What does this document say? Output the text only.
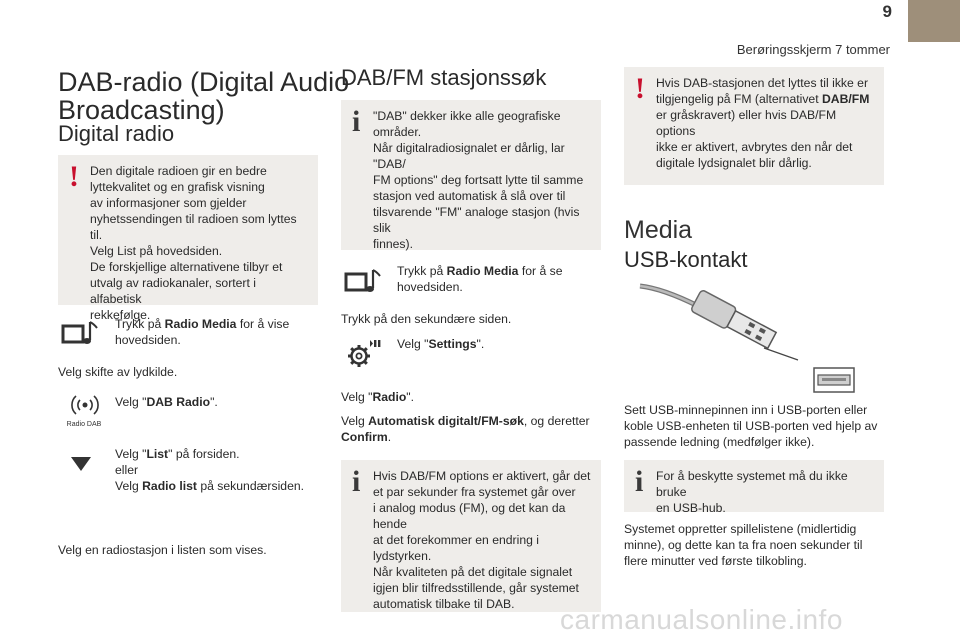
9
Berøringsskjerm 7 tommer
DAB-radio (Digital Audio
Broadcasting)
Digital radio
! Den digitale radioen gir en bedre
lyttekvalitet og en grafisk visning
av informasjoner som gjelder
nyhetssendingen til radioen som lyttes til.
Velg List på hovedsiden.
De forskjellige alternativene tilbyr et
utvalg av radiokanaler, sortert i alfabetisk
rekkefølge.
Trykk på Radio Media for å vise
hovedsiden.
Velg skifte av lydkilde.
Radio DAB
Velg "DAB Radio".
Velg "List" på forsiden.
eller
Velg Radio list på sekundærsiden.
Velg en radiostasjon i listen som vises.
DAB/FM stasjonssøk
i "DAB" dekker ikke alle geografiske
områder.
Når digitalradiosignalet er dårlig, lar "DAB/
FM options" deg fortsatt lytte til samme
stasjon ved automatisk å slå over til
tilsvarende "FM" analoge stasjon (hvis slik
finnes).
Trykk på Radio Media for å se
hovedsiden.
Trykk på den sekundære siden.
Velg "Settings".
Velg "Radio".
Velg Automatisk digitalt/FM-søk, og deretter
Confirm.
i Hvis DAB/FM options er aktivert, går det
et par sekunder fra systemet går over
i analog modus (FM), og det kan da hende
at det forekommer en endring i lydstyrken.
Når kvaliteten på det digitale signalet
igjen blir tilfredsstillende, går systemet
automatisk tilbake til DAB.
! Hvis DAB-stasjonen det lyttes til ikke er
tilgjengelig på FM (alternativet DAB/FM
er gråskravert) eller hvis DAB/FM options
ikke er aktivert, avbrytes den når det
digitale lydsignalet blir dårlig.
Media
USB-kontakt
Sett USB-minnepinnen inn i USB-porten eller
koble USB-enheten til USB-porten ved hjelp av
passende ledning (medfølger ikke).
i For å beskytte systemet må du ikke bruke
en USB-hub.
Systemet oppretter spillelistene (midlertidig
minne), og dette kan ta fra noen sekunder til
flere minutter ved første tilkobling.
carmanualsonline.info
